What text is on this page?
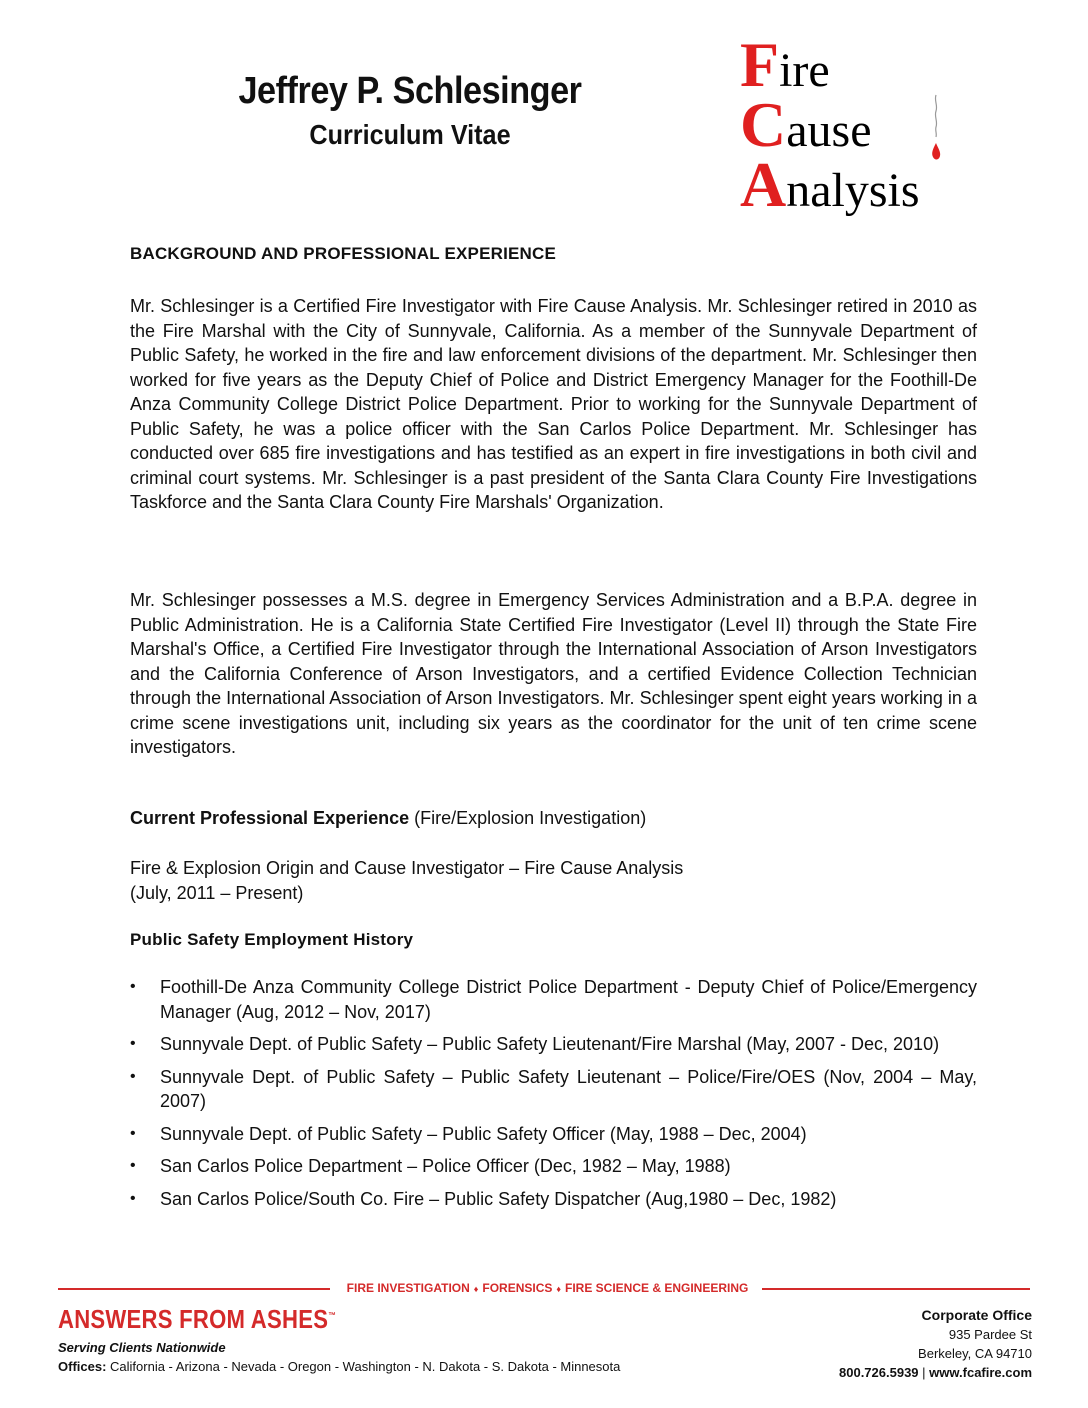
Jeffrey P. Schlesinger
Curriculum Vitae
Fire
Cause
Analysis
BACKGROUND AND PROFESSIONAL EXPERIENCE
Mr. Schlesinger is a Certified Fire Investigator with Fire Cause Analysis. Mr. Schlesinger retired in 2010 as the Fire Marshal with the City of Sunnyvale, California. As a member of the Sunnyvale Department of Public Safety, he worked in the fire and law enforcement divisions of the department. Mr. Schlesinger then worked for five years as the Deputy Chief of Police and District Emergency Manager for the Foothill-De Anza Community College District Police Department. Prior to working for the Sunnyvale Department of Public Safety, he was a police officer with the San Carlos Police Department. Mr. Schlesinger has conducted over 685 fire investigations and has testified as an expert in fire investigations in both civil and criminal court systems. Mr. Schlesinger is a past president of the Santa Clara County Fire Investigations Taskforce and the Santa Clara County Fire Marshals' Organization.
Mr. Schlesinger possesses a M.S. degree in Emergency Services Administration and a B.P.A. degree in Public Administration. He is a California State Certified Fire Investigator (Level II) through the State Fire Marshal's Office, a Certified Fire Investigator through the International Association of Arson Investigators and the California Conference of Arson Investigators, and a certified Evidence Collection Technician through the International Association of Arson Investigators. Mr. Schlesinger spent eight years working in a crime scene investigations unit, including six years as the coordinator for the unit of ten crime scene investigators.
Current Professional Experience (Fire/Explosion Investigation)
Fire & Explosion Origin and Cause Investigator – Fire Cause Analysis
(July, 2011 – Present)
Public Safety Employment History
• Foothill-De Anza Community College District Police Department - Deputy Chief of Police/Emergency Manager (Aug, 2012 – Nov, 2017)
• Sunnyvale Dept. of Public Safety – Public Safety Lieutenant/Fire Marshal (May, 2007 - Dec, 2010)
• Sunnyvale Dept. of Public Safety – Public Safety Lieutenant – Police/Fire/OES (Nov, 2004 – May, 2007)
• Sunnyvale Dept. of Public Safety – Public Safety Officer (May, 1988 – Dec, 2004)
• San Carlos Police Department – Police Officer (Dec, 1982 – May, 1988)
• San Carlos Police/South Co. Fire – Public Safety Dispatcher (Aug,1980 – Dec, 1982)
FIRE INVESTIGATION ♦ FORENSICS ♦ FIRE SCIENCE & ENGINEERING
ANSWERS FROM ASHES™
Serving Clients Nationwide
Offices: California - Arizona - Nevada - Oregon - Washington - N. Dakota - S. Dakota - Minnesota
Corporate Office
935 Pardee St
Berkeley, CA 94710
800.726.5939 | www.fcafire.com
